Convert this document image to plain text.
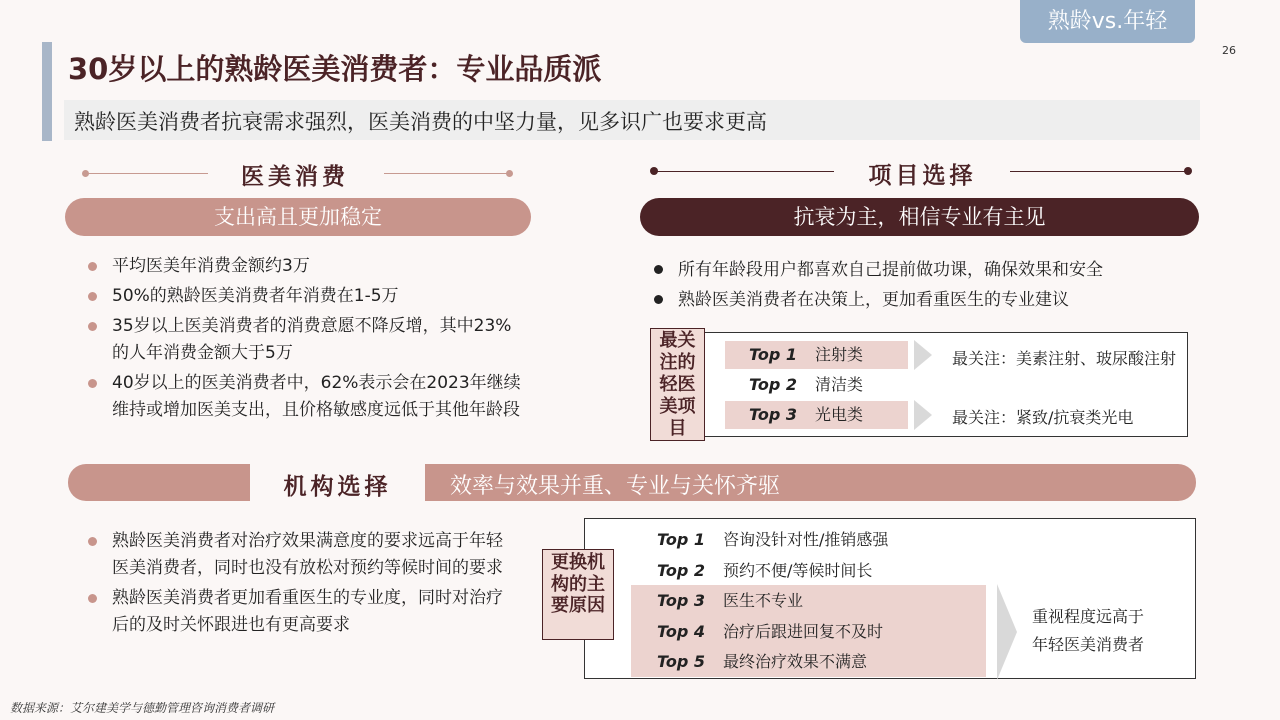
熟龄vs.年轻
26
30岁以上的熟龄医美消费者：专业品质派
熟龄医美消费者抗衰需求强烈，医美消费的中坚力量，见多识广也要求更高
医美消费
支出高且更加稳定
平均医美年消费金额约3万
50%的熟龄医美消费者年消费在1-5万
35岁以上医美消费者的消费意愿不降反增，其中23%的人年消费金额大于5万
40岁以上的医美消费者中，62%表示会在2023年继续维持或增加医美支出，且价格敏感度远低于其他年龄段
项目选择
抗衰为主，相信专业有主见
所有年龄段用户都喜欢自己提前做功课，确保效果和安全
熟龄医美消费者在决策上，更加看重医生的专业建议
Top 1 注射类
Top 2 清洁类
Top 3 光电类
最关注：美素注射、玻尿酸注射
最关注：紧致/抗衰类光电
最关注的轻医美项目
机构选择	效率与效果并重、专业与关怀齐驱
熟龄医美消费者对治疗效果满意度的要求远高于年轻医美消费者，同时也没有放松对预约等候时间的要求
熟龄医美消费者更加看重医生的专业度，同时对治疗后的及时关怀跟进也有更高要求
Top 1 咨询没针对性/推销感强
Top 2 预约不便/等候时间长
Top 3 医生不专业
Top 4 治疗后跟进回复不及时
Top 5 最终治疗效果不满意
重视程度远高于
年轻医美消费者
更换机构的主要原因
数据来源：艾尔建美学与德勤管理咨询消费者调研
